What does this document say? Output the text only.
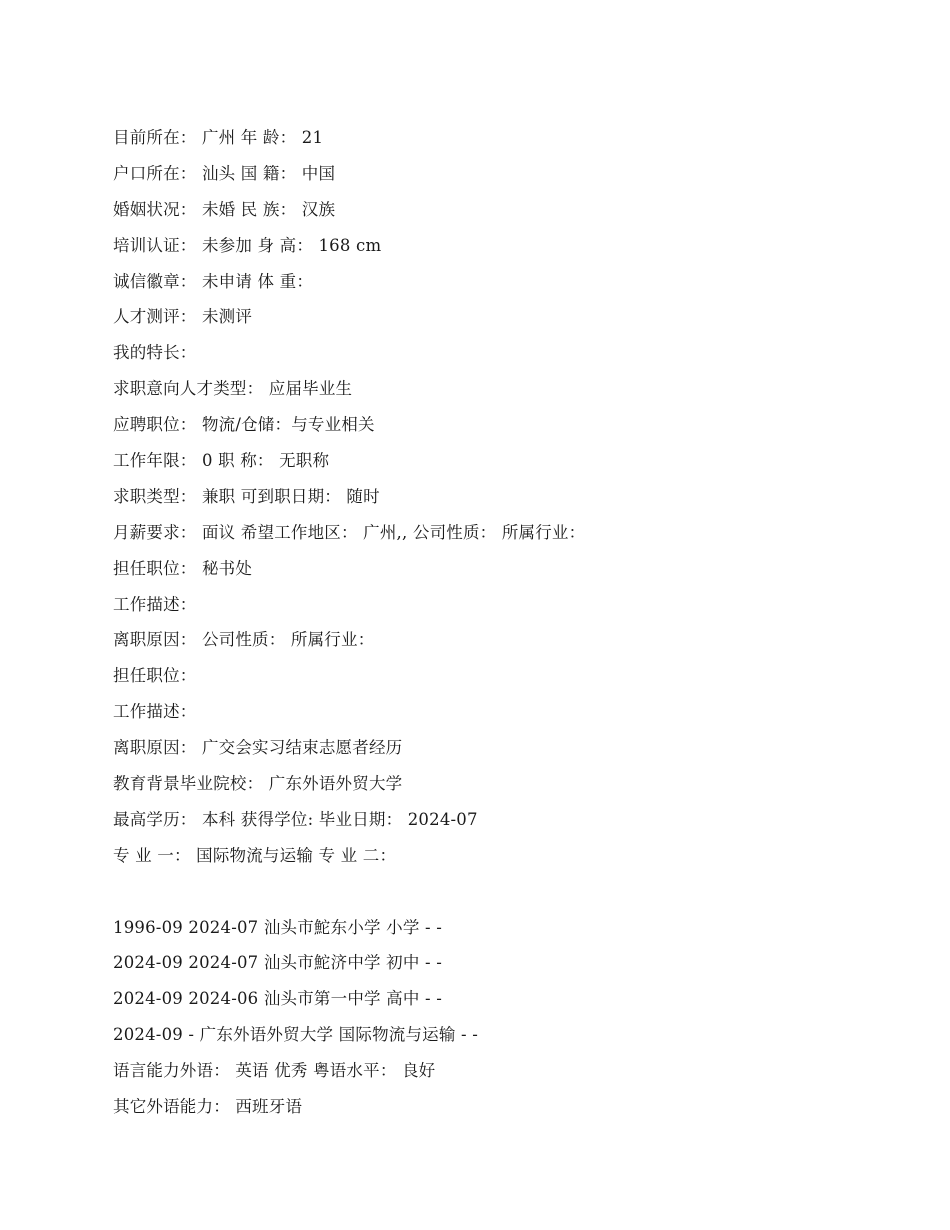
目前所在： 广州 年 龄： 21
户口所在： 汕头 国 籍： 中国
婚姻状况： 未婚 民 族： 汉族
培训认证： 未参加 身 高： 168 cm
诚信徽章： 未申请 体 重：
人才测评： 未测评
我的特长：
求职意向人才类型： 应届毕业生
应聘职位： 物流/仓储：与专业相关
工作年限： 0 职 称： 无职称
求职类型： 兼职 可到职日期： 随时
月薪要求： 面议 希望工作地区： 广州,, 公司性质： 所属行业：
担任职位： 秘书处
工作描述：
离职原因： 公司性质： 所属行业：
担任职位：
工作描述：
离职原因： 广交会实习结束志愿者经历
教育背景毕业院校： 广东外语外贸大学
最高学历： 本科 获得学位: 毕业日期： 2024-07
专 业 一： 国际物流与运输 专 业 二：
1996-09 2024-07 汕头市鮀东小学 小学 - -
2024-09 2024-07 汕头市鮀济中学 初中 - -
2024-09 2024-06 汕头市第一中学 高中 - -
2024-09 - 广东外语外贸大学 国际物流与运输 - -
语言能力外语： 英语 优秀 粤语水平： 良好
其它外语能力： 西班牙语
